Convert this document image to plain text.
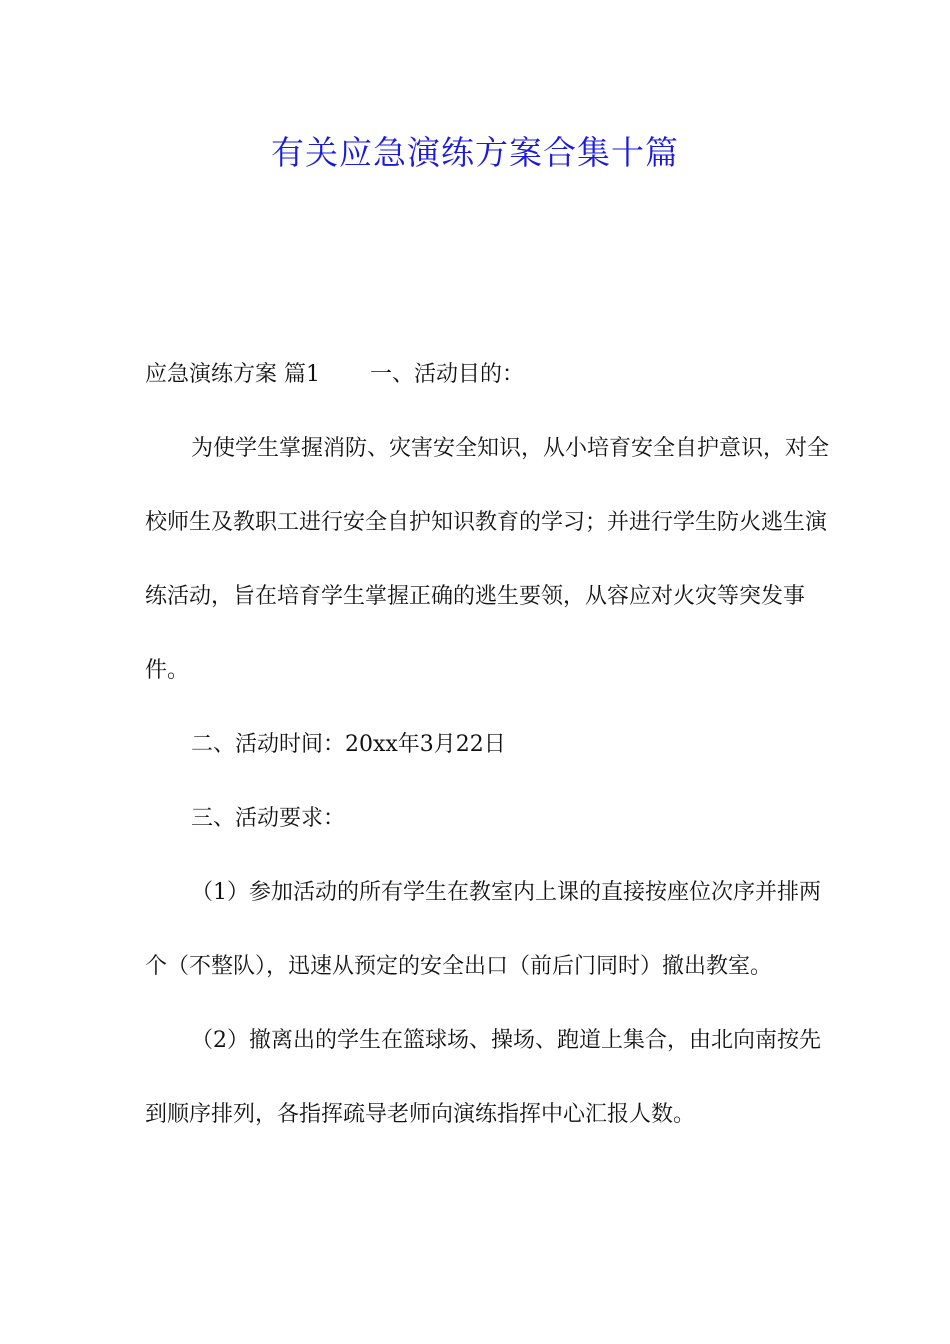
有关应急演练方案合集十篇

应急演练方案 篇1 一、活动目的：

为使学生掌握消防、灾害安全知识，从小培育安全自护意识，对全校师生及教职工进行安全自护知识教育的学习；并进行学生防火逃生演练活动，旨在培育学生掌握正确的逃生要领，从容应对火灾等突发事件。

二、活动时间：20xx年3月22日

三、活动要求：

（1）参加活动的所有学生在教室内上课的直接按座位次序并排两个（不整队），迅速从预定的安全出口（前后门同时）撤出教室。

（2）撤离出的学生在篮球场、操场、跑道上集合，由北向南按先到顺序排列，各指挥疏导老师向演练指挥中心汇报人数。
